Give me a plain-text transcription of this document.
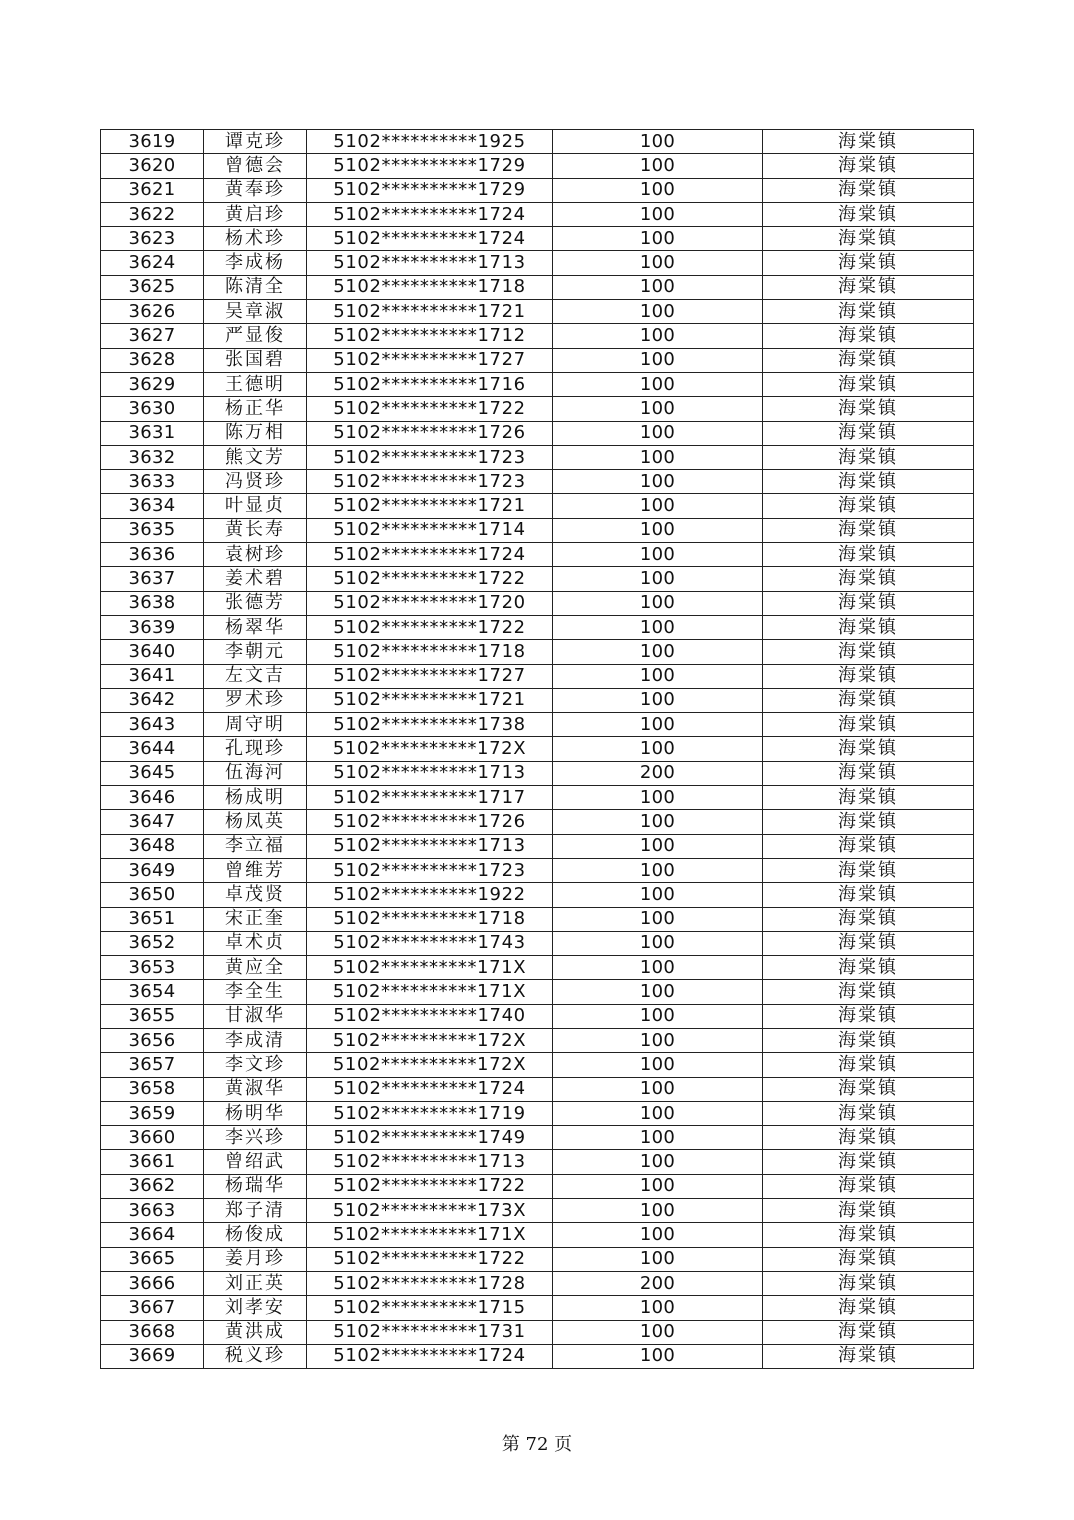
3619	谭克珍	5102**********1925	100	海棠镇
3620	曾德会	5102**********1729	100	海棠镇
3621	黄奉珍	5102**********1729	100	海棠镇
3622	黄启珍	5102**********1724	100	海棠镇
3623	杨术珍	5102**********1724	100	海棠镇
3624	李成杨	5102**********1713	100	海棠镇
3625	陈清全	5102**********1718	100	海棠镇
3626	吴章淑	5102**********1721	100	海棠镇
3627	严显俊	5102**********1712	100	海棠镇
3628	张国碧	5102**********1727	100	海棠镇
3629	王德明	5102**********1716	100	海棠镇
3630	杨正华	5102**********1722	100	海棠镇
3631	陈万相	5102**********1726	100	海棠镇
3632	熊文芳	5102**********1723	100	海棠镇
3633	冯贤珍	5102**********1723	100	海棠镇
3634	叶显贞	5102**********1721	100	海棠镇
3635	黄长寿	5102**********1714	100	海棠镇
3636	袁树珍	5102**********1724	100	海棠镇
3637	姜术碧	5102**********1722	100	海棠镇
3638	张德芳	5102**********1720	100	海棠镇
3639	杨翠华	5102**********1722	100	海棠镇
3640	李朝元	5102**********1718	100	海棠镇
3641	左文吉	5102**********1727	100	海棠镇
3642	罗术珍	5102**********1721	100	海棠镇
3643	周守明	5102**********1738	100	海棠镇
3644	孔现珍	5102**********172X	100	海棠镇
3645	伍海河	5102**********1713	200	海棠镇
3646	杨成明	5102**********1717	100	海棠镇
3647	杨凤英	5102**********1726	100	海棠镇
3648	李立福	5102**********1713	100	海棠镇
3649	曾维芳	5102**********1723	100	海棠镇
3650	卓茂贤	5102**********1922	100	海棠镇
3651	宋正奎	5102**********1718	100	海棠镇
3652	卓术贞	5102**********1743	100	海棠镇
3653	黄应全	5102**********171X	100	海棠镇
3654	李全生	5102**********171X	100	海棠镇
3655	甘淑华	5102**********1740	100	海棠镇
3656	李成清	5102**********172X	100	海棠镇
3657	李文珍	5102**********172X	100	海棠镇
3658	黄淑华	5102**********1724	100	海棠镇
3659	杨明华	5102**********1719	100	海棠镇
3660	李兴珍	5102**********1749	100	海棠镇
3661	曾绍武	5102**********1713	100	海棠镇
3662	杨瑞华	5102**********1722	100	海棠镇
3663	郑子清	5102**********173X	100	海棠镇
3664	杨俊成	5102**********171X	100	海棠镇
3665	姜月珍	5102**********1722	100	海棠镇
3666	刘正英	5102**********1728	200	海棠镇
3667	刘孝安	5102**********1715	100	海棠镇
3668	黄洪成	5102**********1731	100	海棠镇
3669	税义珍	5102**********1724	100	海棠镇
第 72 页
